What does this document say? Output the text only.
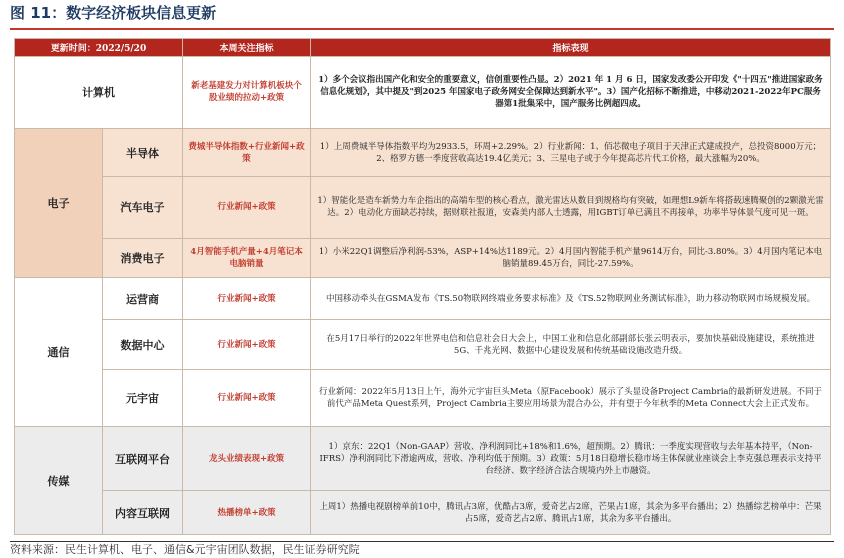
图 11：数字经济板块信息更新
更新时间：2022/5/20		本周关注指标	指标表现
计算机		新老基建发力对计算机板块个股业绩的拉动+政策	1）多个会议指出国产化和安全的重要意义，信创重要性凸显。2）2021 年 1 月 6 日，国家发改委公开印发《"十四五"推进国家政务信息化规划》，其中提及"到2025 年国家电子政务网安全保障达到新水平"。3）国产化招标不断推进，中移动2021-2022年PC服务器第1批集采中，国产服务比例超四成。
电子	半导体	费城半导体指数+行业新闻+政策	1）上周费城半导体指数平均为2933.5，环周+2.29%。2）行业新闻：1、佰芯微电子项目于天津正式建成投产，总投资8000万元；2、格罗方德一季度营收高达19.4亿美元；3、三星电子或于今年提高芯片代工价格，最大涨幅为20%。
	汽车电子	行业新闻+政策	1）智能化是造车新势力车企指出的高端车型的核心看点，激光雷达从数目到规格均有突破，如理想L9新车将搭载速腾聚创的2颗激光雷达。2）电动化方面缺芯持续，据财联社报道，安森美内部人士透露，用IGBT订单已满且不再接单，功率半导体景气度可见一斑。
	消费电子	4月智能手机产量+4月笔记本电脑销量	1）小米22Q1调整后净利润-53%，ASP+14%达1189元。2）4月国内智能手机产量9614万台，同比-3.80%。3）4月国内笔记本电脑销量89.45万台，同比-27.59%。
通信	运营商	行业新闻+政策	中国移动牵头在GSMA发布《TS.50物联网终端业务要求标准》及《TS.52物联网业务测试标准》，助力移动物联网市场规模发展。
	数据中心	行业新闻+政策	在5月17日举行的2022年世界电信和信息社会日大会上，中国工业和信息化部副部长张云明表示，要加快基础设施建设，系统推进5G、千兆光网、数据中心建设发展和传统基础设施改造升级。
	元宇宙	行业新闻+政策	行业新闻：2022年5月13日上午，海外元宇宙巨头Meta（原Facebook）展示了头显设备Project Cambria的最新研发进展。不同于前代产品Meta Quest系列，Project Cambria主要应用场景为混合办公，并有望于今年秋季的Meta Connect大会上正式发布。
传媒	互联网平台	龙头业绩表现+政策	1）京东：22Q1（Non-GAAP）营收、净利润同比+18%和1.6%，超预期。2）腾讯：一季度实现营收与去年基本持平，（Non-IFRS）净利润同比下滑逾两成，营收、净利均低于预期。3）政策：5月18日稳增长稳市场主体保就业座谈会上李克强总理表示支持平台经济、数字经济合法合规境内外上市融资。
	内容互联网	热播榜单+政策	上周1）热播电视剧榜单前10中，腾讯占3席，优酷占3席，爱奇艺占2席，芒果占1席，其余为多平台播出；2）热播综艺榜单中：芒果占5席，爱奇艺占2席、腾讯占1席，其余为多平台播出。
资料来源：民生计算机、电子、通信&元宇宙团队数据，民生证券研究院
